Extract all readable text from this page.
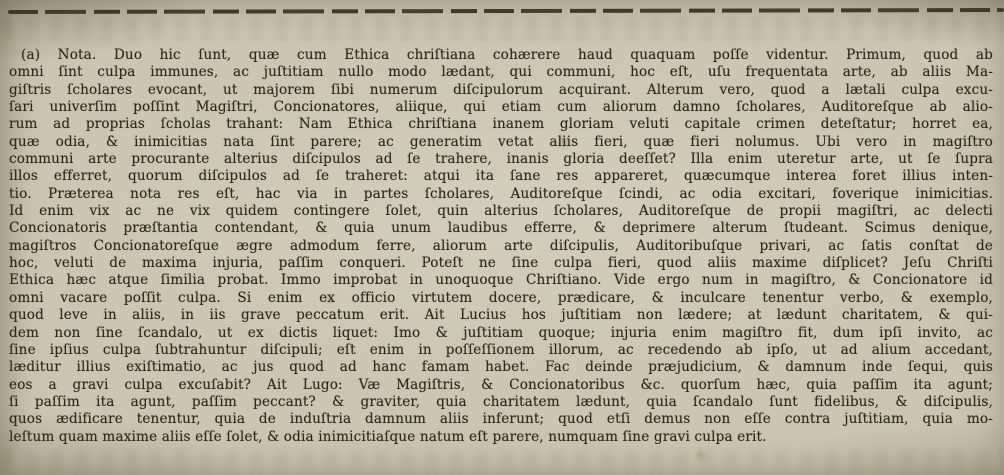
(a) Nota. Duo hic ſunt, quæ cum Ethica chriſtiana cohærere haud quaquam poſſe videntur. Primum, quod ab
omni ſint culpa immunes, ac juſtitiam nullo modo lædant, qui communi, hoc eſt, uſu frequentata arte, ab aliis Ma-
giſtris ſcholares evocant, ut majorem ſibi numerum diſcipulorum acquirant. Alterum vero, quod a lætali culpa excu-
ſari univerſim poſſint Magiſtri, Concionatores, aliique, qui etiam cum aliorum damno ſcholares, Auditoreſque ab alio-
rum ad proprias ſcholas trahant: Nam Ethica chriſtiana inanem gloriam veluti capitale crimen deteſtatur; horret ea,
quæ odia, & inimicitias nata ſint parere; ac generatim vetat aliis fieri, quæ fieri nolumus. Ubi vero in magiſtro
communi arte procurante alterius diſcipulos ad ſe trahere, inanis gloria deeſſet? Illa enim uteretur arte, ut ſe ſupra
illos efferret, quorum diſcipulos ad ſe traheret: atqui ita ſane res appareret, quæcumque interea foret illius inten-
tio. Præterea nota res eſt, hac via in partes ſcholares, Auditoreſque ſcindi, ac odia excitari, foverique inimicitias.
Id enim vix ac ne vix quidem contingere ſolet, quin alterius ſcholares, Auditoreſque de propii magiſtri, ac delecti
Concionatoris præſtantia contendant, & quia unum laudibus efferre, & deprimere alterum ſtudeant. Scimus denique,
magiſtros Concionatoreſque ægre admodum ferre, aliorum arte diſcipulis, Auditoribuſque privari, ac ſatis conſtat de
hoc, veluti de maxima injuria, paſſim conqueri. Poteſt ne ſine culpa fieri, quod aliis maxime diſplicet? Jeſu Chriſti
Ethica hæc atque ſimilia probat. Immo improbat in unoquoque Chriſtiano. Vide ergo num in magiſtro, & Concionatore id
omni vacare poſſit culpa. Si enim ex officio virtutem docere, prædicare, & inculcare tenentur verbo, & exemplo,
quod leve in aliis, in iis grave peccatum erit. Ait Lucius hos juſtitiam non lædere; at lædunt charitatem, & qui-
dem non ſine ſcandalo, ut ex dictis liquet: Imo & juſtitiam quoque; injuria enim magiſtro fit, dum ipſi invito, ac
ſine ipſius culpa ſubtrahuntur diſcipuli; eſt enim in poſſeſſionem illorum, ac recedendo ab ipſo, ut ad alium accedant,
læditur illius exiſtimatio, ac jus quod ad hanc famam habet. Fac deinde præjudicium, & damnum inde ſequi, quis
eos a gravi culpa excuſabit? Ait Lugo: Væ Magiſtris, & Concionatoribus &c. quorſum hæc, quia paſſim ita agunt;
ſi paſſim ita agunt, paſſim peccant? & graviter, quia charitatem lædunt, quia ſcandalo ſunt fidelibus, & diſcipulis,
quos ædificare tenentur, quia de induſtria damnum aliis inferunt; quod etſi demus non eſſe contra juſtitiam, quia mo-
leſtum quam maxime aliis eſſe ſolet, & odia inimicitiaſque natum eſt parere, numquam ſine gravi culpa erit.
